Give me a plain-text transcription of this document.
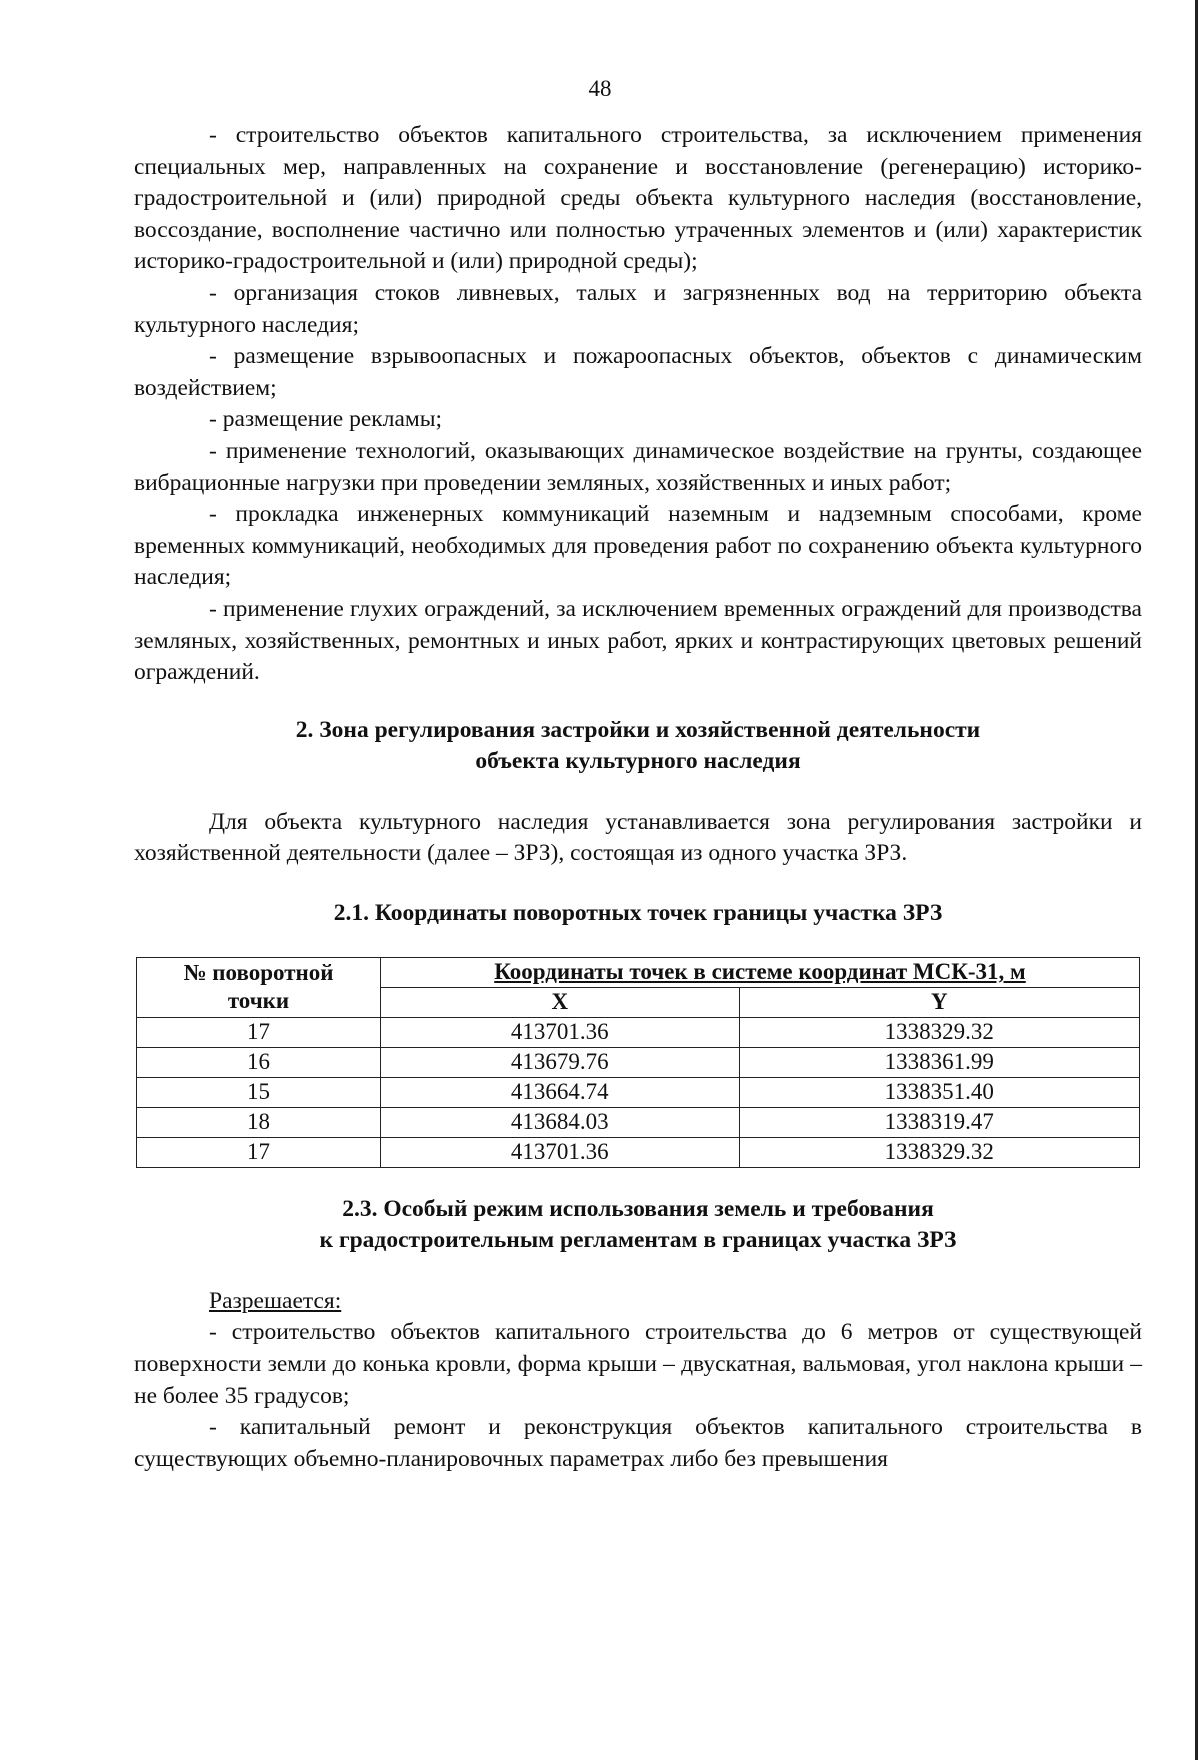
48

- строительство объектов капитального строительства, за исключением применения специальных мер, направленных на сохранение и восстановление (регенерацию) историко-градостроительной и (или) природной среды объекта культурного наследия (восстановление, воссоздание, восполнение частично или полностью утраченных элементов и (или) характеристик историко-градостроительной и (или) природной среды);

- организация стоков ливневых, талых и загрязненных вод на территорию объекта культурного наследия;

- размещение взрывоопасных и пожароопасных объектов, объектов с динамическим воздействием;

- размещение рекламы;

- применение технологий, оказывающих динамическое воздействие на грунты, создающее вибрационные нагрузки при проведении земляных, хозяйственных и иных работ;

- прокладка инженерных коммуникаций наземным и надземным способами, кроме временных коммуникаций, необходимых для проведения работ по сохранению объекта культурного наследия;

- применение глухих ограждений, за исключением временных ограждений для производства земляных, хозяйственных, ремонтных и иных работ, ярких и контрастирующих цветовых решений ограждений.

2. Зона регулирования застройки и хозяйственной деятельности
объекта культурного наследия

Для объекта культурного наследия устанавливается зона регулирования застройки и хозяйственной деятельности (далее – ЗРЗ), состоящая из одного участка ЗРЗ.

2.1. Координаты поворотных точек границы участка ЗРЗ
№ поворотной
точки	Координаты точек в системе координат МСК-31, м	
	X	Y
17	413701.36	1338329.32
16	413679.76	1338361.99
15	413664.74	1338351.40
18	413684.03	1338319.47
17	413701.36	1338329.32
2.3. Особый режим использования земель и требования
к градостроительным регламентам в границах участка ЗРЗ

Разрешается:

- строительство объектов капитального строительства до 6 метров от существующей поверхности земли до конька кровли, форма крыши – двускатная, вальмовая, угол наклона крыши – не более 35 градусов;

- капитальный ремонт и реконструкция объектов капитального строительства в существующих объемно-планировочных параметрах либо без превышения
